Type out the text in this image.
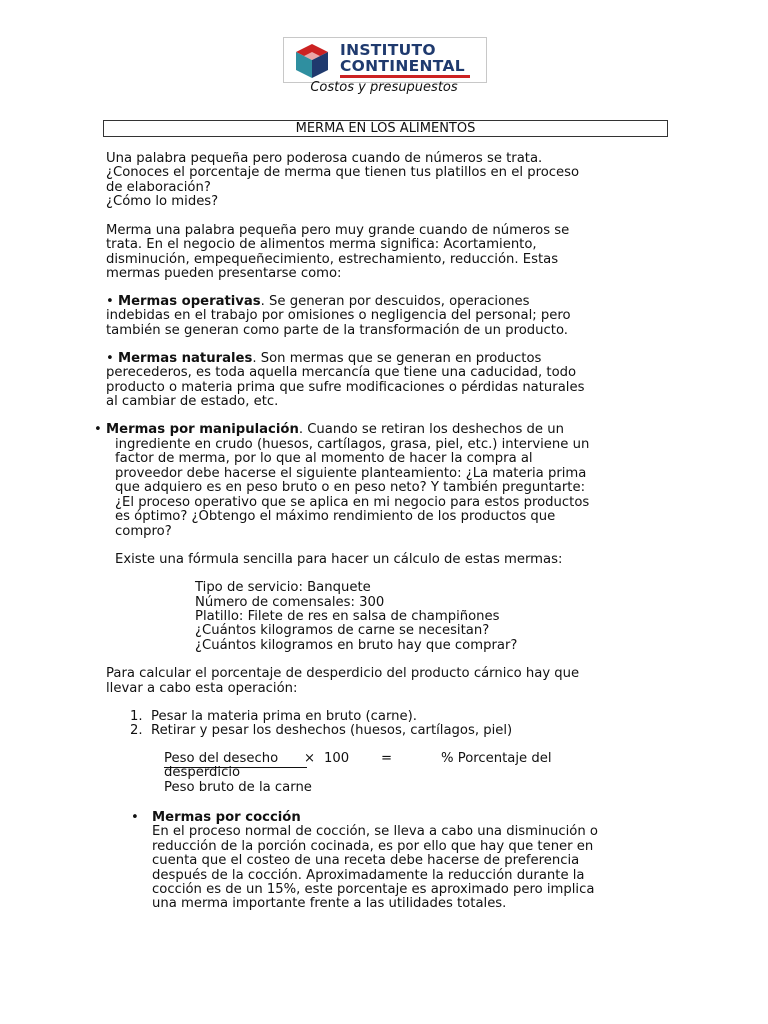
INSTITUTO
CONTINENTAL
Costos y presupuestos
MERMA EN LOS ALIMENTOS
Una palabra pequeña pero poderosa cuando de números se trata.
¿Conoces el porcentaje de merma que tienen tus platillos en el proceso
de elaboración?
¿Cómo lo mides?
Merma una palabra pequeña pero muy grande cuando de números se
trata. En el negocio de alimentos merma significa: Acortamiento,
disminución, empequeñecimiento, estrechamiento, reducción. Estas
mermas pueden presentarse como:
• Mermas operativas. Se generan por descuidos, operaciones
indebidas en el trabajo por omisiones o negligencia del personal; pero
también se generan como parte de la transformación de un producto.
• Mermas naturales. Son mermas que se generan en productos
perecederos, es toda aquella mercancía que tiene una caducidad, todo
producto o materia prima que sufre modificaciones o pérdidas naturales
al cambiar de estado, etc.
• Mermas por manipulación. Cuando se retiran los deshechos de un
ingrediente en crudo (huesos, cartílagos, grasa, piel, etc.) interviene un
factor de merma, por lo que al momento de hacer la compra al
proveedor debe hacerse el siguiente planteamiento: ¿La materia prima
que adquiero es en peso bruto o en peso neto? Y también preguntarte:
¿El proceso operativo que se aplica en mi negocio para estos productos
es óptimo? ¿Obtengo el máximo rendimiento de los productos que
compro?
Existe una fórmula sencilla para hacer un cálculo de estas mermas:
Tipo de servicio: Banquete
Número de comensales: 300
Platillo: Filete de res en salsa de champiñones
¿Cuántos kilogramos de carne se necesitan?
¿Cuántos kilogramos en bruto hay que comprar?
Para calcular el porcentaje de desperdicio del producto cárnico hay que
llevar a cabo esta operación:
1. Pesar la materia prima en bruto (carne).
2. Retirar y pesar los deshechos (huesos, cartílagos, piel)
Peso del desecho × 100 =	% Porcentaje del
desperdicio
Peso bruto de la carne
• Mermas por cocción
En el proceso normal de cocción, se lleva a cabo una disminución o
reducción de la porción cocinada, es por ello que hay que tener en
cuenta que el costeo de una receta debe hacerse de preferencia
después de la cocción. Aproximadamente la reducción durante la
cocción es de un 15%, este porcentaje es aproximado pero implica
una merma importante frente a las utilidades totales.
